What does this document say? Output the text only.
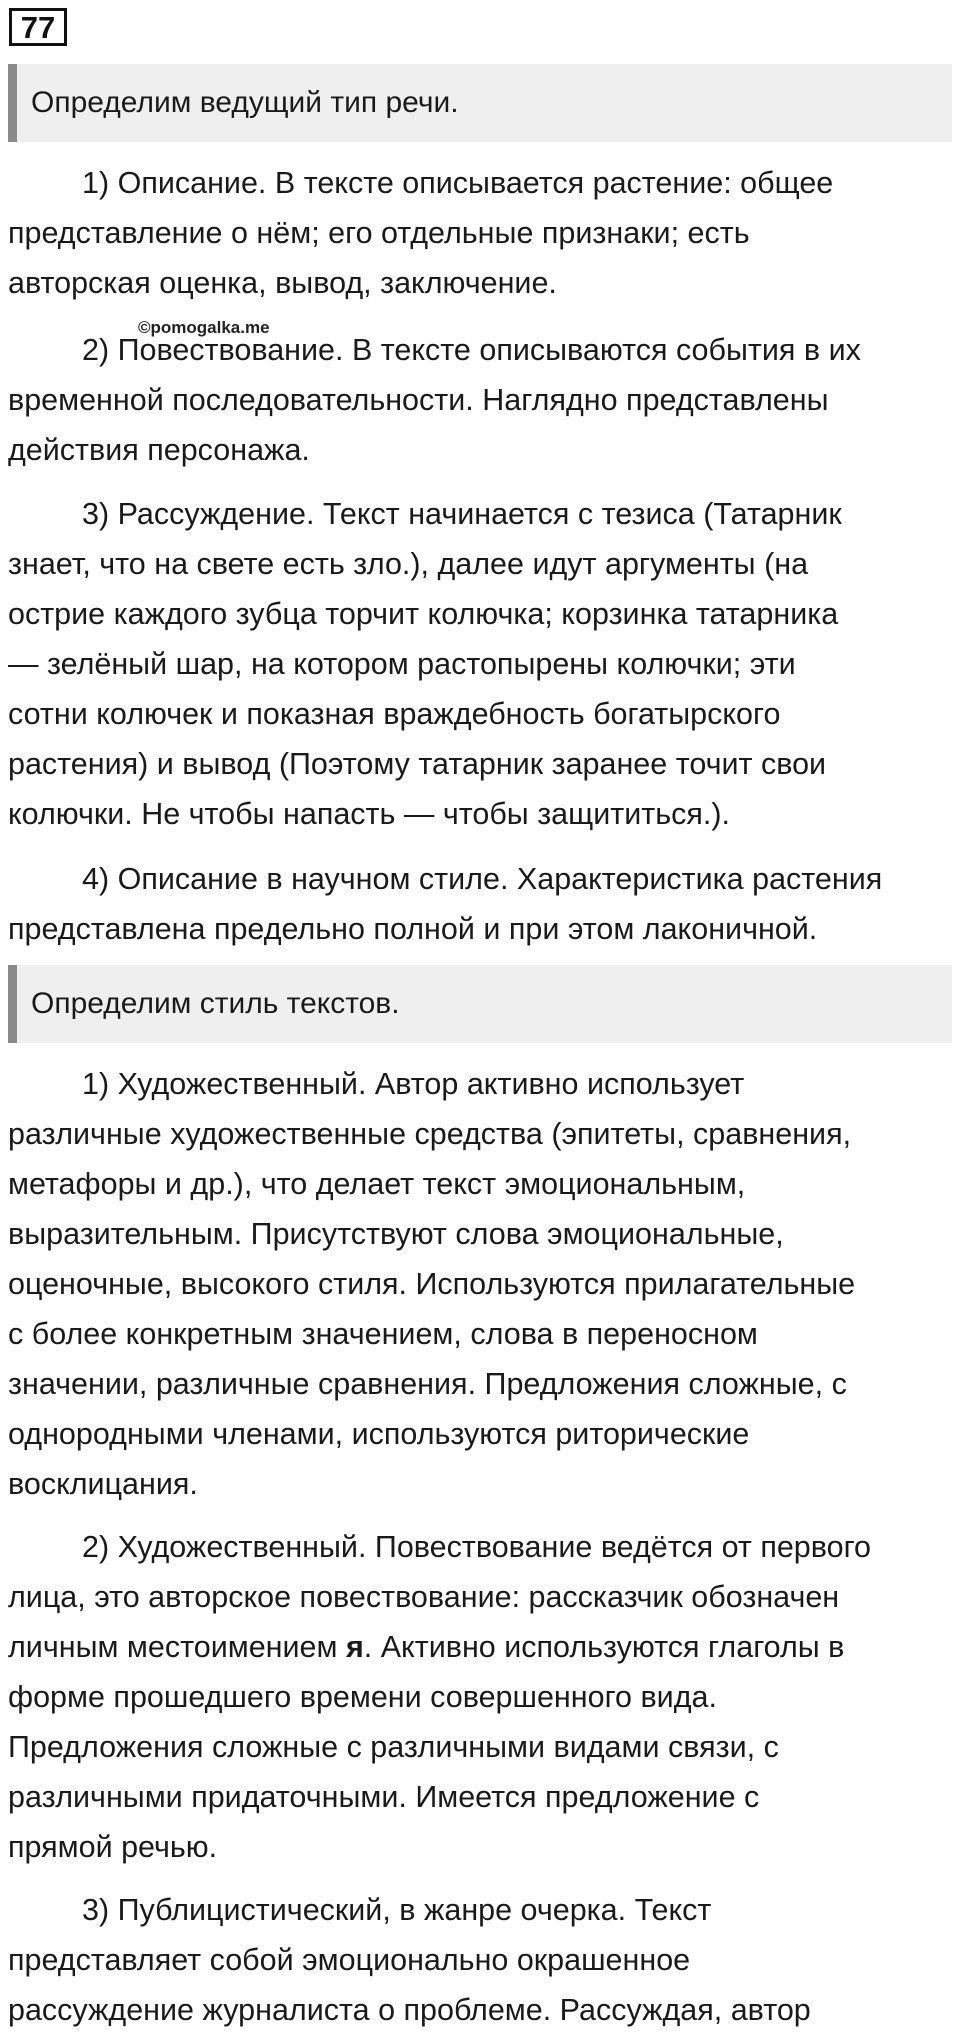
77
Определим ведущий тип речи.
1) Описание. В тексте описывается растение: общее
представление о нём; его отдельные признаки; есть
авторская оценка, вывод, заключение.
©pomogalka.me
2) Повествование. В тексте описываются события в их
временной последовательности. Наглядно представлены
действия персонажа.
3) Рассуждение. Текст начинается с тезиса (Татарник
знает, что на свете есть зло.), далее идут аргументы (на
острие каждого зубца торчит колючка; корзинка татарника
— зелёный шар, на котором растопырены колючки; эти
сотни колючек и показная враждебность богатырского
растения) и вывод (Поэтому татарник заранее точит свои
колючки. Не чтобы напасть — чтобы защититься.).
4) Описание в научном стиле. Характеристика растения
представлена предельно полной и при этом лаконичной.
Определим стиль текстов.
1) Художественный. Автор активно использует
различные художественные средства (эпитеты, сравнения,
метафоры и др.), что делает текст эмоциональным,
выразительным. Присутствуют слова эмоциональные,
оценочные, высокого стиля. Используются прилагательные
с более конкретным значением, слова в переносном
значении, различные сравнения. Предложения сложные, с
однородными членами, используются риторические
восклицания.
2) Художественный. Повествование ведётся от первого
лица, это авторское повествование: рассказчик обозначен
личным местоимением я. Активно используются глаголы в
форме прошедшего времени совершенного вида.
Предложения сложные с различными видами связи, с
различными придаточными. Имеется предложение с
прямой речью.
3) Публицистический, в жанре очерка. Текст
представляет собой эмоционально окрашенное
рассуждение журналиста о проблеме. Рассуждая, автор
